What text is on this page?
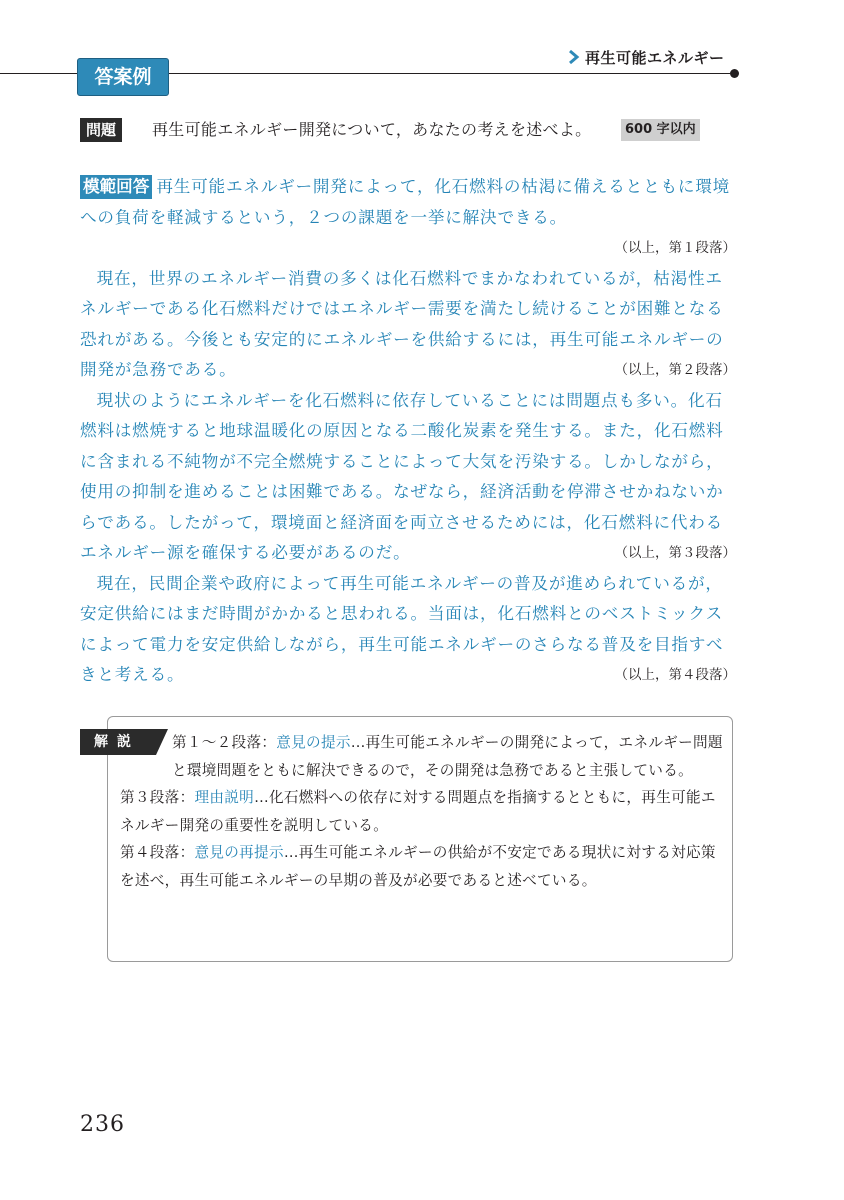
再生可能エネルギー
答案例
問題	再生可能エネルギー開発について，あなたの考えを述べよ。	600 字以内

模範回答 再生可能エネルギー開発によって，化石燃料の枯渇に備えるとともに環境への負荷を軽減するという，２つの課題を一挙に解決できる。

（以上，第１段落）

現在，世界のエネルギー消費の多くは化石燃料でまかなわれているが，枯渇性エネルギーである化石燃料だけではエネルギー需要を満たし続けることが困難となる恐れがある。今後とも安定的にエネルギーを供給するには，再生可能エネルギーの開発が急務である。	（以上，第２段落）

現状のようにエネルギーを化石燃料に依存していることには問題点も多い。化石燃料は燃焼すると地球温暖化の原因となる二酸化炭素を発生する。また，化石燃料に含まれる不純物が不完全燃焼することによって大気を汚染する。しかしながら，使用の抑制を進めることは困難である。なぜなら，経済活動を停滞させかねないからである。したがって，環境面と経済面を両立させるためには，化石燃料に代わるエネルギー源を確保する必要があるのだ。	（以上，第３段落）

現在，民間企業や政府によって再生可能エネルギーの普及が進められているが，安定供給にはまだ時間がかかると思われる。当面は，化石燃料とのベストミックスによって電力を安定供給しながら，再生可能エネルギーのさらなる普及を目指すべきと考える。	（以上，第４段落）

解 説	第１～２段落：意見の提示…再生可能エネルギーの開発によって，エネルギー問題と環境問題をともに解決できるので，その開発は急務であると主張している。

第３段落：理由説明…化石燃料への依存に対する問題点を指摘するとともに，再生可能エネルギー開発の重要性を説明している。

第４段落：意見の再提示…再生可能エネルギーの供給が不安定である現状に対する対応策を述べ，再生可能エネルギーの早期の普及が必要であると述べている。

236
